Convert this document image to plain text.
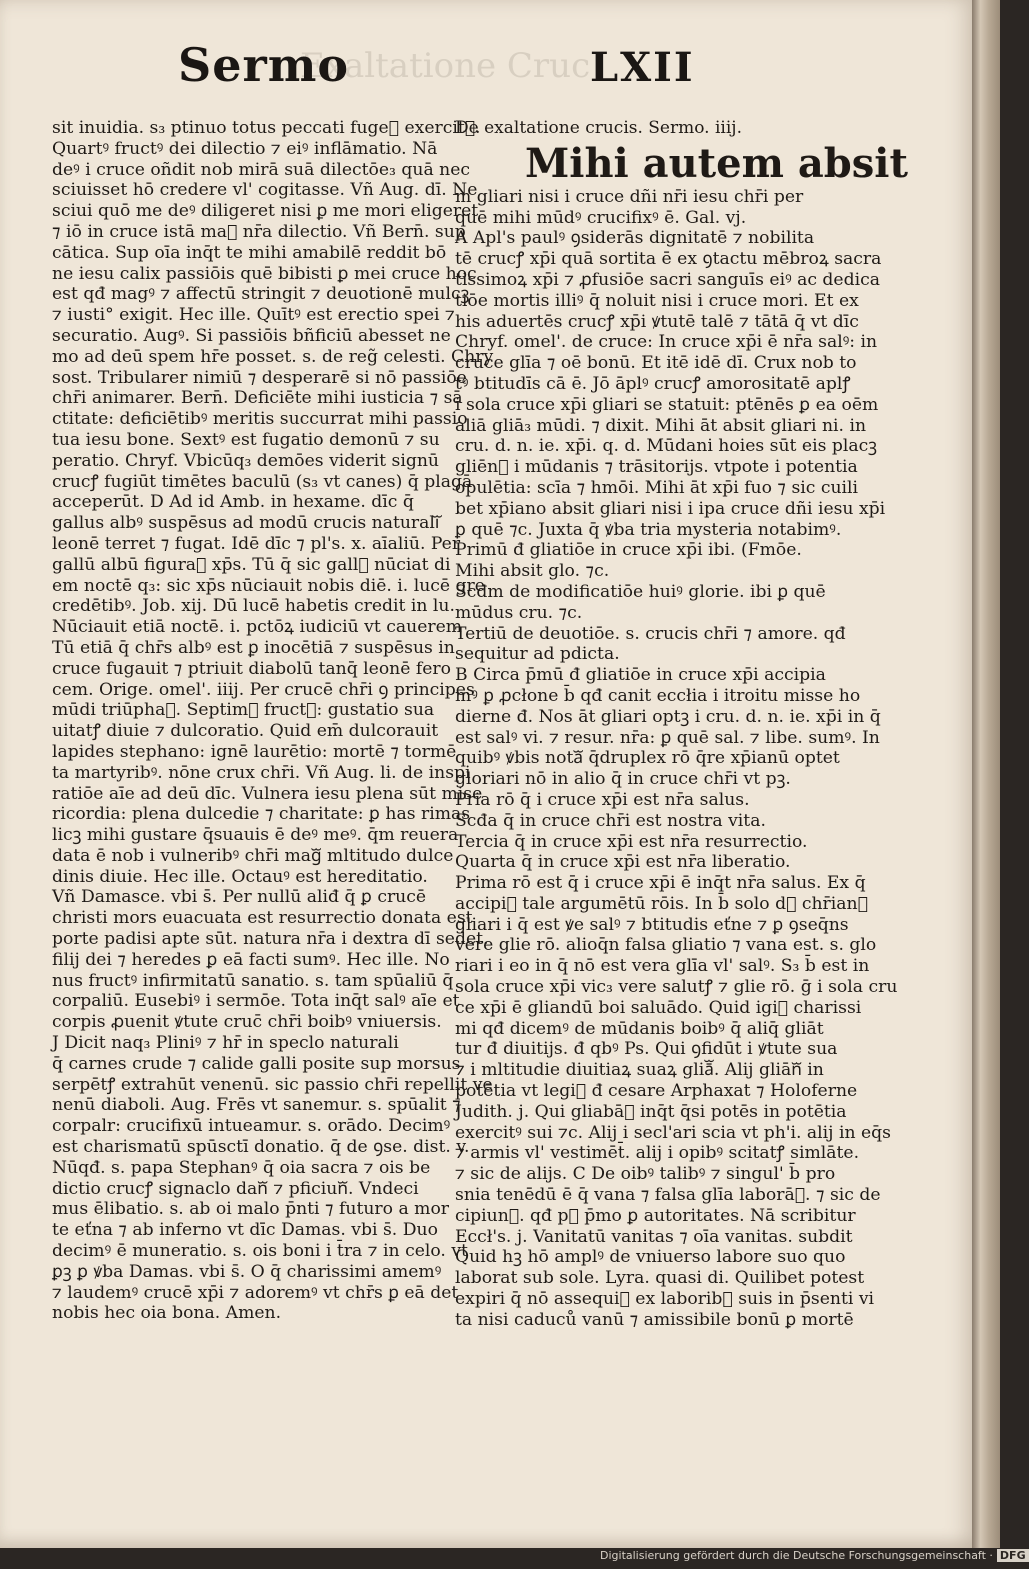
Exaltatione Cruc
Sermo	LXII
sit inuidia. s₃ ptinuo totus peccati fugeᷓ exercitꝰ.
Quartꝰ fructꝰ dei dilectio ⁊ eiꝰ inflāmatio. Nā
deꝰ i cruce oñdit nob mirā suā dilectōe₃ quā nec
sciuisset hō credere vl' cogitasse. Vñ Aug. dī. Ne
sciui quō me deꝰ diligeret nisi ꝑ me mori eligeret
⁊ iō in cruce istā maᷓ nr̄a dilectio. Vñ Bern̄. sup
cātica. Sup oīa inq̄t te mihi amabilē reddit bō
ne iesu calix passiōis quē bibisti ꝑ mei cruce hoc
est qđ magꝰ ⁊ affectū stringit ⁊ deuotionē mulcꝫ
⁊ iusti° exigit. Hec ille. Quītꝰ est erectio spei ⁊
securatio. Augꝰ. Si passiōis bñficiū abesset ne
mo ad deū spem hr̄e posset. s. de reg̃ celesti. Chry
sost. Tribularer nimiū ⁊ desperarē si nō passiōe
chr̄i animarer. Bern̄. Deficiēte mihi iusticia ⁊ sā
ctitate: deficiētibꝰ meritis succurrat mihi passio
tua iesu bone. Sextꝰ est fugatio demonū ⁊ su
peratio. Chryf. Vbicūq₃ demōes viderit signū
crucꝭ fugiūt timētes baculū (s₃ vt canes) q̄ plagā
acceperūt. D Ad id Amb. in hexame. dīc q̄
gallus albꝰ suspēsus ad modū crucis naturaliᷓ
leonē terret ⁊ fugat. Idē dīc ⁊ pl's. x. aīaliū. Per
gallū albū figuraᷓ xp̄s. Tū q̄ sic gallꝰ nūciat di
em noctē q₃: sic xp̄s nūciauit nobis diē. i. lucē gre
credētibꝰ. Job. xij. Dū lucē habetis credit in lu.
Nūciauit etiā noctē. i. pctōꝝ iudiciū vt cauerem
Tū etiā q̄ chr̄s albꝰ est ꝑ inocētiā ⁊ suspēsus in
cruce fugauit ⁊ ptriuit diabolū tanq̄ leonē fero
cem. Orige. omel'. iiij. Per crucē chr̄i ꝯ principes
mūdi triūphaᷓ. Septimꝰ fructꝰ: gustatio sua
uitatꝭ diuie ⁊ dulcoratio. Quid em̄ dulcorauit
lapides stephano: ignē laurētio: mortē ⁊ tormē
ta martyribꝰ. nōne crux chr̄i. Vñ Aug. li. de inspi
ratiōe aīe ad deū dīc. Vulnera iesu plena sūt mise
ricordia: plena dulcedie ⁊ charitate: ꝑ has rimas
licꝫ mihi gustare q̄suauis ē deꝰ meꝰ. q̄m reuera
data ē nob i vulneribꝰ chr̄i magᷓ mltitudo dulce
dinis diuie. Hec ille. Octauꝰ est hereditatio.
Vñ Damasce. vbi s̄. Per nullū aliđ q̄ ꝑ crucē
christi mors euacuata est resurrectio donata est
porte padisi apte sūt. natura nr̄a i dextra dī sedet.
filij dei ⁊ heredes ꝑ eā facti sumꝰ. Hec ille. No
nus fructꝰ infirmitatū sanatio. s. tam spūaliū q̄
corpaliū. Eusebiꝰ i sermōe. Tota inq̄t salꝰ aīe et
corpis ꝓuenit ꝟtute cruc̄ chr̄i boibꝰ vniuersis.
J Dicit naq₃ Pliniꝰ ⁊ hr̄ in speclo naturali
q̄ carnes crude ⁊ calide galli posite sup morsus
serpētꝭ extrahūt venenū. sic passio chr̄i repellit ve
nenū diaboli. Aug. Frēs vt sanemur. s. spūalit ⁊
corpalr: crucifixū intueamur. s. orādo. Decimꝰ
est charismatū spūsctī donatio. q̄ de ꝯse. dist. v.
Nūqđ. s. papa Stephanꝰ q̄ oia sacra ⁊ ois be
dictio crucꝭ signaclo danᷓ ⁊ pficiunᷓ. Vndeci
mus ēlibatio. s. ab oi malo p̄nti ⁊ futuro a mor
te eťna ⁊ ab inferno vt dīc Damas. vbi s̄. Duo
decimꝰ ē muneratio. s. ois boni i t̄ra ⁊ in celo. vt
ꝑꝫ ꝑ ꝟba Damas. vbi s̄. O q̄ charissimi amemꝰ
⁊ laudemꝰ crucē xp̄i ⁊ adoremꝰ vt chr̄s ꝑ eā det
nobis hec oia bona. Amen.
De exaltatione crucis. Sermo. iiij.
Mihi autem absit
m gliari nisi i cruce dñi nr̄i iesu chr̄i per
quē mihi mūdꝰ crucifixꝰ ē. Gal. vj.
A Apl's paulꝰ ꝯsiderās dignitatē ⁊ nobilita
tē crucꝭ xp̄i quā sortita ē ex ꝯtactu mēbroꝝ sacra
tissimoꝝ xp̄i ⁊ ꝓfusiōe sacri sanguīs eiꝰ ac dedica
tiōe mortis illiꝰ q̄ noluit nisi i cruce mori. Et ex
his aduertēs crucꝭ xp̄i ꝟtutē talē ⁊ tātā q̄ vt dīc
Chryf. omel'. de cruce: In cruce xp̄i ē nr̄a salꝰ: in
cruce glīa ⁊ oē bonū. Et itē idē dī. Crux nob to
tꝰ btitudīs cā ē. Jō āplꝰ crucꝭ amorositatē aplꝭ
i sola cruce xp̄i gliari se statuit: ptēnēs ꝑ ea oēm
aliā gliā₃ mūdi. ⁊ dixit. Mihi āt absit gliari ni. in
cru. d. n. ie. xp̄i. q. d. Mūdani hoies sūt eis placꝫ
gliēnᷓ i mūdanis ⁊ trāsitorijs. vtpote i potentia
opulētia: scīa ⁊ hmōi. Mihi āt xp̄i fuo ⁊ sic cuili
bet xp̄iano absit gliari nisi i ipa cruce dñi iesu xp̄i
ꝑ quē ⁊c. Juxta q̄ ꝟba tria mysteria notabimꝰ.
Primū đ gliatiōe in cruce xp̄i ibi. (Fmōe.
Mihi absit glo. ⁊c.
Scđm de modificatiōe huiꝰ glorie. ibi ꝑ quē
mūdus cru. ⁊c.
Tertiū de deuotiōe. s. crucis chr̄i ⁊ amore. qđ
sequitur ad pdicta.
B Circa p̄mū đ gliatiōe in cruce xp̄i accipia
mꝰ ꝑ ꝓcłone b̄ qđ canit eccłia i itroitu misse ho
dierne đ. Nos āt gliari optꝫ i cru. d. n. ie. xp̄i in q̄
est salꝰ vi. ⁊ resur. nr̄a: ꝑ quē sal. ⁊ libe. sumꝰ. In
quibꝰ ꝟbis notaᷓ q̄druplex rō q̄re xp̄ianū optet
gloriari nō in alio q̄ in cruce chr̄i vt pꝫ.
Pria rō q̄ i cruce xp̄i est nr̄a salus.
Scđa q̄ in cruce chr̄i est nostra vita.
Tercia q̄ in cruce xp̄i est nr̄a resurrectio.
Quarta q̄ in cruce xp̄i est nr̄a liberatio.
Prima rō est q̄ i cruce xp̄i ē inq̄t nr̄a salus. Ex q̄
accipiᷓ tale argumētū rōis. In b̄ solo dꝫ chr̄ianꝰ
gliari i q̄ est ꝟe salꝰ ⁊ btitudis eťne ⁊ ꝑ ꝯseq̄ns
vere glie rō. alioq̄n falsa gliatio ⁊ vana est. s. glo
riari i eo in q̄ nō est vera glīa vl' salꝰ. S₃ b̄ est in
sola cruce xp̄i vic₃ vere salutꝭ ⁊ glie rō. ḡ i sola cru
ce xp̄i ē gliandū boi saluādo. Quid igiᷓ charissi
mi qđ dicemꝰ de mūdanis boibꝰ q̄ aliq̄ gliāt
tur đ diuitijs. đ qbꝰ Ps. Qui ꝯfidūt i ꝟtute sua
⁊ i mltitudie diuitiaꝝ suaꝝ gliāᷓ. Alij gliānᷓ in
potētia vt legiᷓ đ cesare Arphaxat ⁊ Holoferne
Judith. j. Qui gliabāᷓ inq̄t q̄si potēs in potētia
exercitꝰ sui ⁊c. Alij i secl'ari scia vt ph'i. alij in eq̄s
⁊ armis vl' vestimēt̄. alij i opibꝰ scitatꝭ simlāte.
⁊ sic de alijs. C De oibꝰ talibꝰ ⁊ singul' b̄ pro
snia tenēdū ē q̄ vana ⁊ falsa glīa laborāᷓ. ⁊ sic de
cipiunᷓ. qđ pꝫ p̄mo ꝑ autoritates. Nā scribitur
Eccł's. j. Vanitatū vanitas ⁊ oīa vanitas. subdit
Quid hꝫ hō amplꝰ de vniuerso labore suo quo
laborat sub sole. Lyra. quasi di. Quilibet potest
expiri q̄ nō assequiᷓ ex laboribꝰ suis in p̄senti vi
ta nisi caduců vanū ⁊ amissibile bonū ꝑ mortē
Digitalisierung gefördert durch die Deutsche Forschungsgemeinschaft · DFG
